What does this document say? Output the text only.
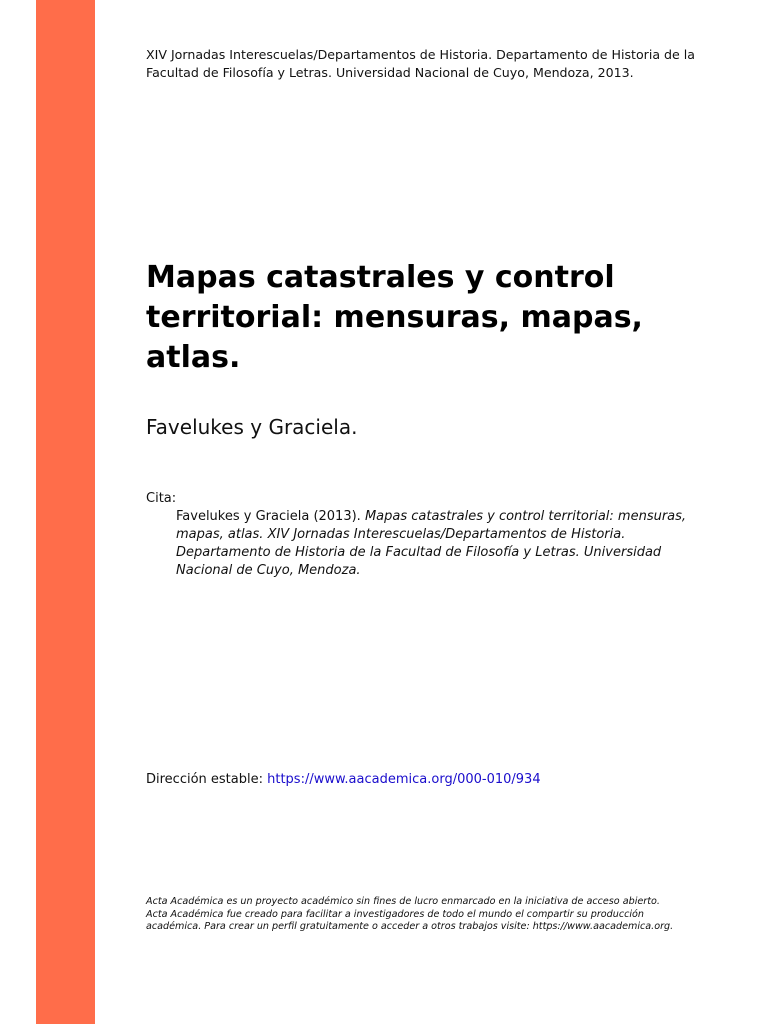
XIV Jornadas Interescuelas/Departamentos de Historia. Departamento de Historia de la Facultad de Filosofía y Letras. Universidad Nacional de Cuyo, Mendoza, 2013.
Mapas catastrales y control territorial: mensuras, mapas, atlas.
Favelukes y Graciela.
Cita:
Favelukes y Graciela (2013). Mapas catastrales y control territorial: mensuras, mapas, atlas. XIV Jornadas Interescuelas/Departamentos de Historia. Departamento de Historia de la Facultad de Filosofía y Letras. Universidad Nacional de Cuyo, Mendoza.
Dirección estable: https://www.aacademica.org/000-010/934
Acta Académica es un proyecto académico sin fines de lucro enmarcado en la iniciativa de acceso abierto. Acta Académica fue creado para facilitar a investigadores de todo el mundo el compartir su producción académica. Para crear un perfil gratuitamente o acceder a otros trabajos visite: https://www.aacademica.org.
